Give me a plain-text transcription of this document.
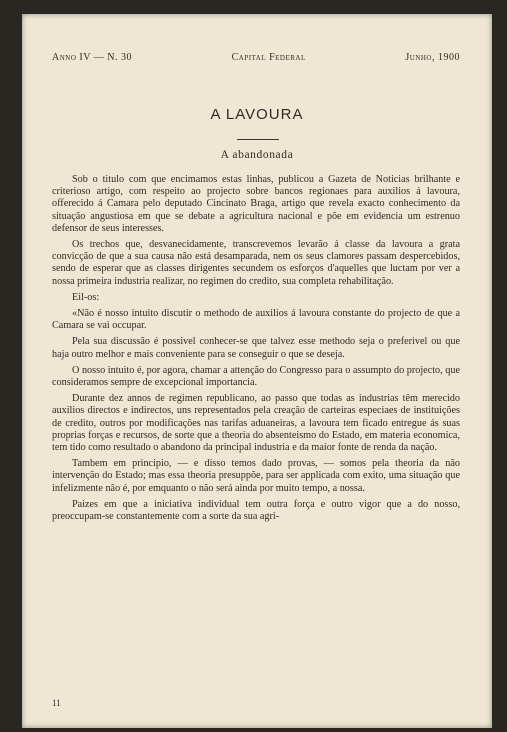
Anno IV — N. 30	Capital Federal	Junho, 1900
A LAVOURA
A abandonada

Sob o titulo com que encimamos estas linhas, publicou a Gazeta de Noticias brilhante e criterioso artigo, com respeito ao projecto sobre bancos regionaes para auxilios á lavoura, offerecido á Camara pelo deputado Cincinato Braga, artigo que revela exacto conhecimento da situação angustiosa em que se debate a agricultura nacional e põe em evidencia um estrenuo defensor de seus interesses.

Os trechos que, desvanecidamente, transcrevemos levarão á classe da lavoura a grata convicção de que a sua causa não está desamparada, nem os seus clamores passam despercebidos, sendo de esperar que as classes dirigentes secundem os esforços d'aquelles que luctam por ver a nossa primeira industria realizar, no regimen do credito, sua completa rehabilitação.

Eil-os:

«Não é nosso intuito discutir o methodo de auxilios á lavoura constante do projecto de que a Camara se vai occupar.

Pela sua discussão é possivel conhecer-se que talvez esse methodo seja o preferivel ou que haja outro melhor e mais conveniente para se conseguir o que se deseja.

O nosso intuito é, por agora, chamar a attenção do Congresso para o assumpto do projecto, que consideramos sempre de excepcional importancia.

Durante dez annos de regimen republicano, ao passo que todas as industrias têm merecido auxilios directos e indirectos, uns representados pela creação de carteiras especiaes de instituições de credito, outros por modificações nas tarifas aduaneiras, a lavoura tem ficado entregue ás suas proprias forças e recursos, de sorte que a theoria do absenteismo do Estado, em materia economica, tem tido como resultado o abandono da principal industria e da maior fonte de renda da nação.

Tambem em principio, — e disso temos dado provas, — somos pela theoria da não intervenção do Estado; mas essa theoria presuppõe, para ser applicada com exito, uma situação que infelizmente não é, por emquanto o não será ainda por muito tempo, a nossa.

Paizes em que a iniciativa individual tem outra força e outro vigor que a do nosso, preoccupam-se constantemente com a sorte da sua agri-

11
